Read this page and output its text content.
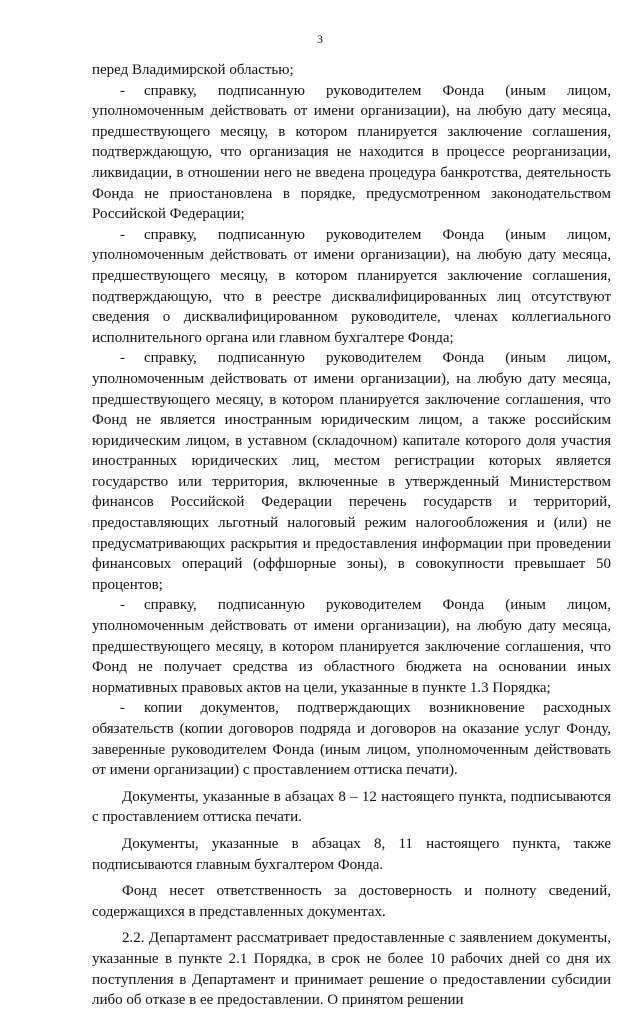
3

перед Владимирской областью;

- справку, подписанную руководителем Фонда (иным лицом, уполномоченным действовать от имени организации), на любую дату месяца, предшествующего месяцу, в котором планируется заключение соглашения, подтверждающую, что организация не находится в процессе реорганизации, ликвидации, в отношении него не введена процедура банкротства, деятельность Фонда не приостановлена в порядке, предусмотренном законодательством Российской Федерации;

- справку, подписанную руководителем Фонда (иным лицом, уполномоченным действовать от имени организации), на любую дату месяца, предшествующего месяцу, в котором планируется заключение соглашения, подтверждающую, что в реестре дисквалифицированных лиц отсутствуют сведения о дисквалифицированном руководителе, членах коллегиального исполнительного органа или главном бухгалтере Фонда;

- справку, подписанную руководителем Фонда (иным лицом, уполномоченным действовать от имени организации), на любую дату месяца, предшествующего месяцу, в котором планируется заключение соглашения, что Фонд не является иностранным юридическим лицом, а также российским юридическим лицом, в уставном (складочном) капитале которого доля участия иностранных юридических лиц, местом регистрации которых является государство или территория, включенные в утвержденный Министерством финансов Российской Федерации перечень государств и территорий, предоставляющих льготный налоговый режим налогообложения и (или) не предусматривающих раскрытия и предоставления информации при проведении финансовых операций (оффшорные зоны), в совокупности превышает 50 процентов;

- справку, подписанную руководителем Фонда (иным лицом, уполномоченным действовать от имени организации), на любую дату месяца, предшествующего месяцу, в котором планируется заключение соглашения, что Фонд не получает средства из областного бюджета на основании иных нормативных правовых актов на цели, указанные в пункте 1.3 Порядка;

- копии документов, подтверждающих возникновение расходных обязательств (копии договоров подряда и договоров на оказание услуг Фонду, заверенные руководителем Фонда (иным лицом, уполномоченным действовать от имени организации) с проставлением оттиска печати).

Документы, указанные в абзацах 8 – 12 настоящего пункта, подписываются с проставлением оттиска печати.

Документы, указанные в абзацах 8, 11 настоящего пункта, также подписываются главным бухгалтером Фонда.

Фонд несет ответственность за достоверность и полноту сведений, содержащихся в представленных документах.

2.2. Департамент рассматривает предоставленные с заявлением документы, указанные в пункте 2.1 Порядка, в срок не более 10 рабочих дней со дня их поступления в Департамент и принимает решение о предоставлении субсидии либо об отказе в ее предоставлении. О принятом решении
